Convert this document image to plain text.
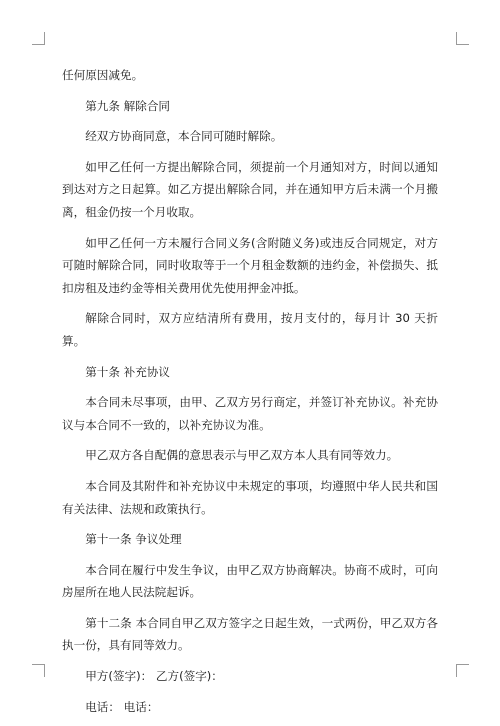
任何原因减免。

第九条 解除合同

经双方协商同意，本合同可随时解除。

如甲乙任何一方提出解除合同，须提前一个月通知对方，时间以通知到达对方之日起算。如乙方提出解除合同，并在通知甲方后未满一个月搬离，租金仍按一个月收取。

如甲乙任何一方未履行合同义务(含附随义务)或违反合同规定，对方可随时解除合同，同时收取等于一个月租金数额的违约金，补偿损失、抵扣房租及违约金等相关费用优先使用押金冲抵。

解除合同时，双方应结清所有费用，按月支付的，每月计 30 天折算。

第十条 补充协议

本合同未尽事项，由甲、乙双方另行商定，并签订补充协议。补充协议与本合同不一致的，以补充协议为准。

甲乙双方各自配偶的意思表示与甲乙双方本人具有同等效力。

本合同及其附件和补充协议中未规定的事项，均遵照中华人民共和国有关法律、法规和政策执行。

第十一条 争议处理

本合同在履行中发生争议，由甲乙双方协商解决。协商不成时，可向房屋所在地人民法院起诉。

第十二条 本合同自甲乙双方签字之日起生效，一式两份，甲乙双方各执一份，具有同等效力。

甲方(签字)： 乙方(签字)：

电话： 电话：
